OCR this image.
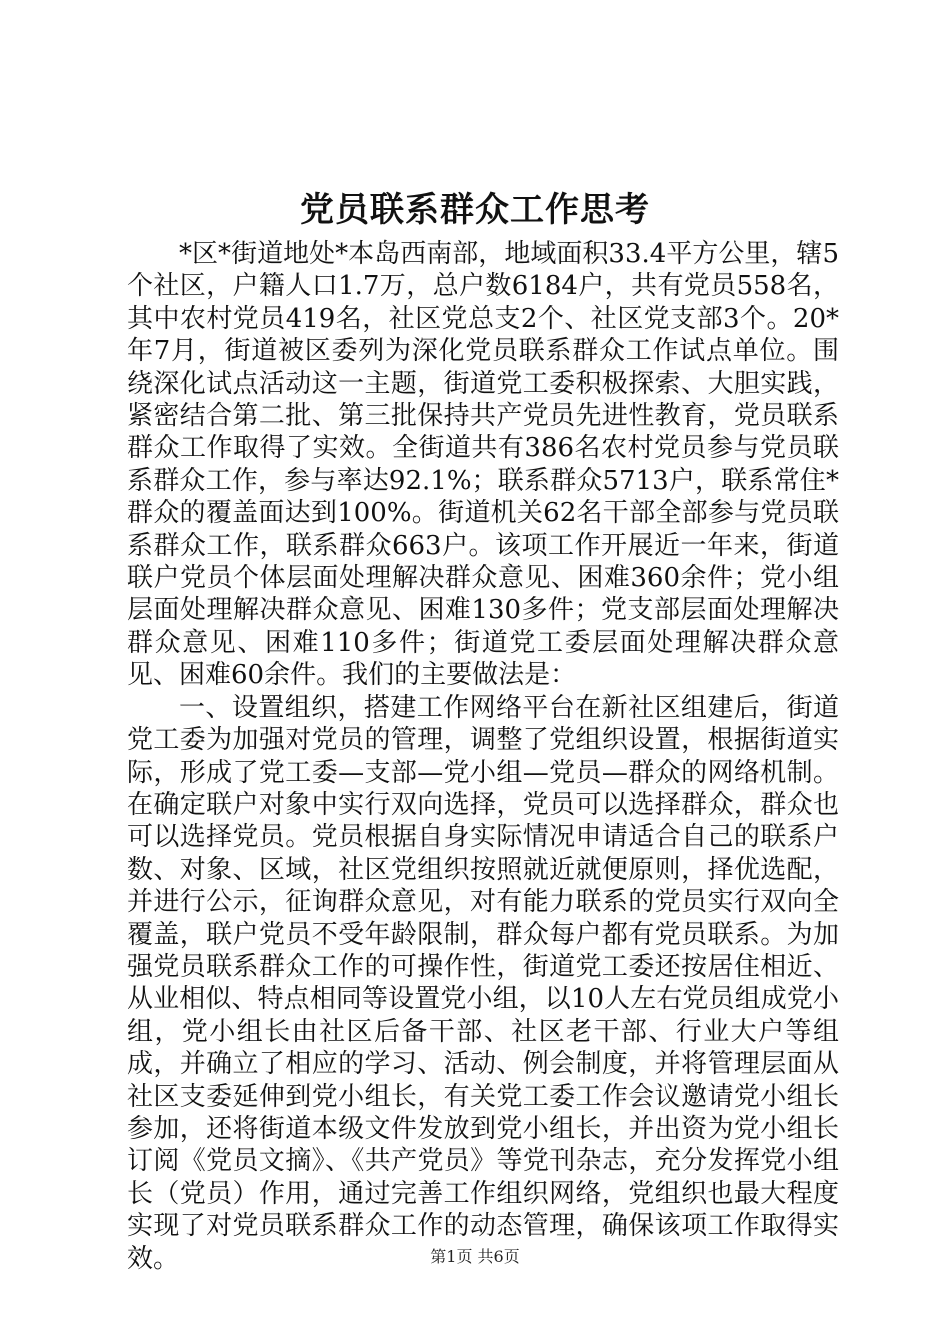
党员联系群众工作思考

*区*街道地处*本岛西南部，地域面积33.4平方公里，辖5个社区，户籍人口1.7万，总户数6184户，共有党员558名，其中农村党员419名，社区党总支2个、社区党支部3个。20*年7月，街道被区委列为深化党员联系群众工作试点单位。围绕深化试点活动这一主题，街道党工委积极探索、大胆实践，紧密结合第二批、第三批保持共产党员先进性教育，党员联系群众工作取得了实效。全街道共有386名农村党员参与党员联系群众工作，参与率达92.1%；联系群众5713户，联系常住*群众的覆盖面达到100%。街道机关62名干部全部参与党员联系群众工作，联系群众663户。该项工作开展近一年来，街道联户党员个体层面处理解决群众意见、困难360余件；党小组层面处理解决群众意见、困难130多件；党支部层面处理解决群众意见、困难110多件；街道党工委层面处理解决群众意见、困难60余件。我们的主要做法是：

一、设置组织，搭建工作网络平台在新社区组建后，街道党工委为加强对党员的管理，调整了党组织设置，根据街道实际，形成了党工委—支部—党小组—党员—群众的网络机制。在确定联户对象中实行双向选择，党员可以选择群众，群众也可以选择党员。党员根据自身实际情况申请适合自己的联系户数、对象、区域，社区党组织按照就近就便原则，择优选配，并进行公示，征询群众意见，对有能力联系的党员实行双向全覆盖，联户党员不受年龄限制，群众每户都有党员联系。为加强党员联系群众工作的可操作性，街道党工委还按居住相近、从业相似、特点相同等设置党小组，以10人左右党员组成党小组，党小组长由社区后备干部、社区老干部、行业大户等组成，并确立了相应的学习、活动、例会制度，并将管理层面从社区支委延伸到党小组长，有关党工委工作会议邀请党小组长参加，还将街道本级文件发放到党小组长，并出资为党小组长订阅《党员文摘》、《共产党员》等党刊杂志，充分发挥党小组长（党员）作用，通过完善工作组织网络，党组织也最大程度实现了对党员联系群众工作的动态管理，确保该项工作取得实效。	第1页 共6页
